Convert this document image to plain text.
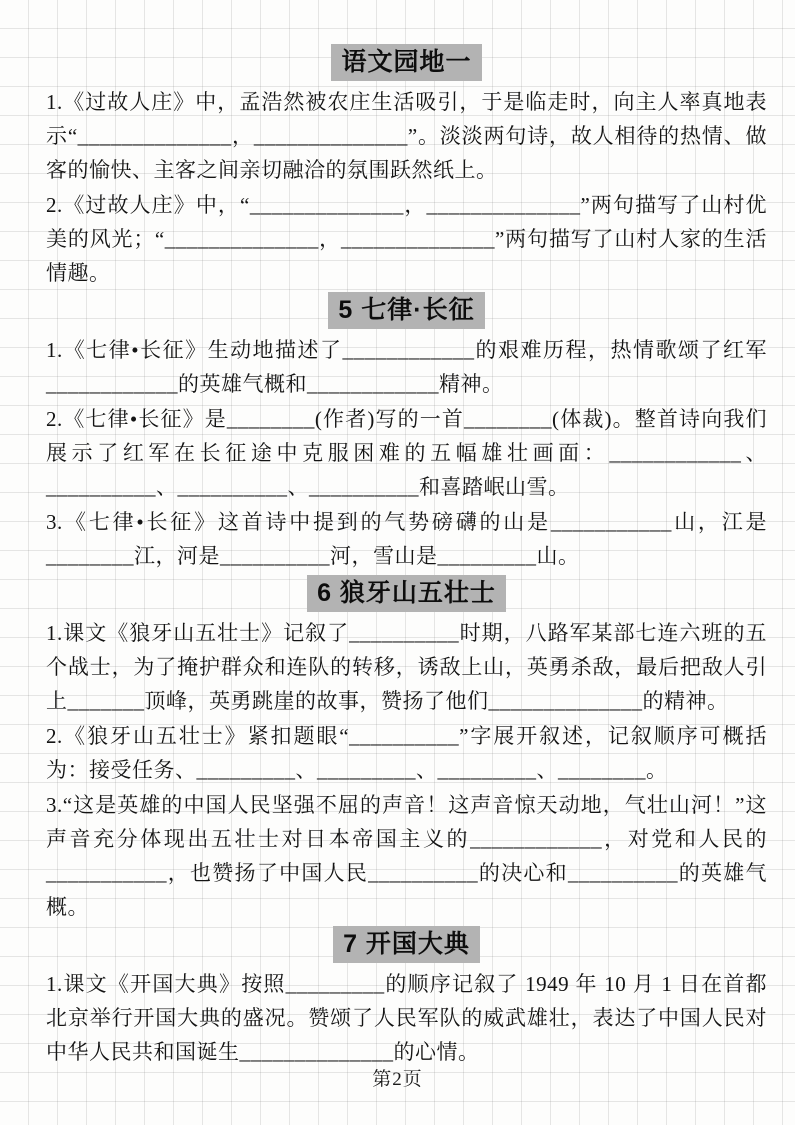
语文园地一

1.《过故人庄》中，孟浩然被农庄生活吸引，于是临走时，向主人率真地表示“______________，______________”。淡淡两句诗，故人相待的热情、做客的愉快、主客之间亲切融洽的氛围跃然纸上。

2.《过故人庄》中，“______________，______________”两句描写了山村优美的风光；“______________，______________”两句描写了山村人家的生活情趣。

5 七律·长征

1.《七律•长征》生动地描述了____________的艰难历程，热情歌颂了红军____________的英雄气概和____________精神。

2.《七律•长征》是________(作者)写的一首________(体裁)。整首诗向我们展示了红军在长征途中克服困难的五幅雄壮画面：____________、__________、__________、__________和喜踏岷山雪。

3.《七律•长征》这首诗中提到的气势磅礴的山是___________山，江是________江，河是__________河，雪山是_________山。

6 狼牙山五壮士

1.课文《狼牙山五壮士》记叙了__________时期，八路军某部七连六班的五个战士，为了掩护群众和连队的转移，诱敌上山，英勇杀敌，最后把敌人引上_______顶峰，英勇跳崖的故事，赞扬了他们______________的精神。

2.《狼牙山五壮士》紧扣题眼“__________”字展开叙述，记叙顺序可概括为：接受任务、_________、_________、_________、________。

3.“这是英雄的中国人民坚强不屈的声音！这声音惊天动地，气壮山河！”这声音充分体现出五壮士对日本帝国主义的____________，对党和人民的___________，也赞扬了中国人民__________的决心和__________的英雄气概。

7 开国大典

1.课文《开国大典》按照_________的顺序记叙了 1949 年 10 月 1 日在首都北京举行开国大典的盛况。赞颂了人民军队的威武雄壮，表达了中国人民对中华人民共和国诞生______________的心情。

第2页
